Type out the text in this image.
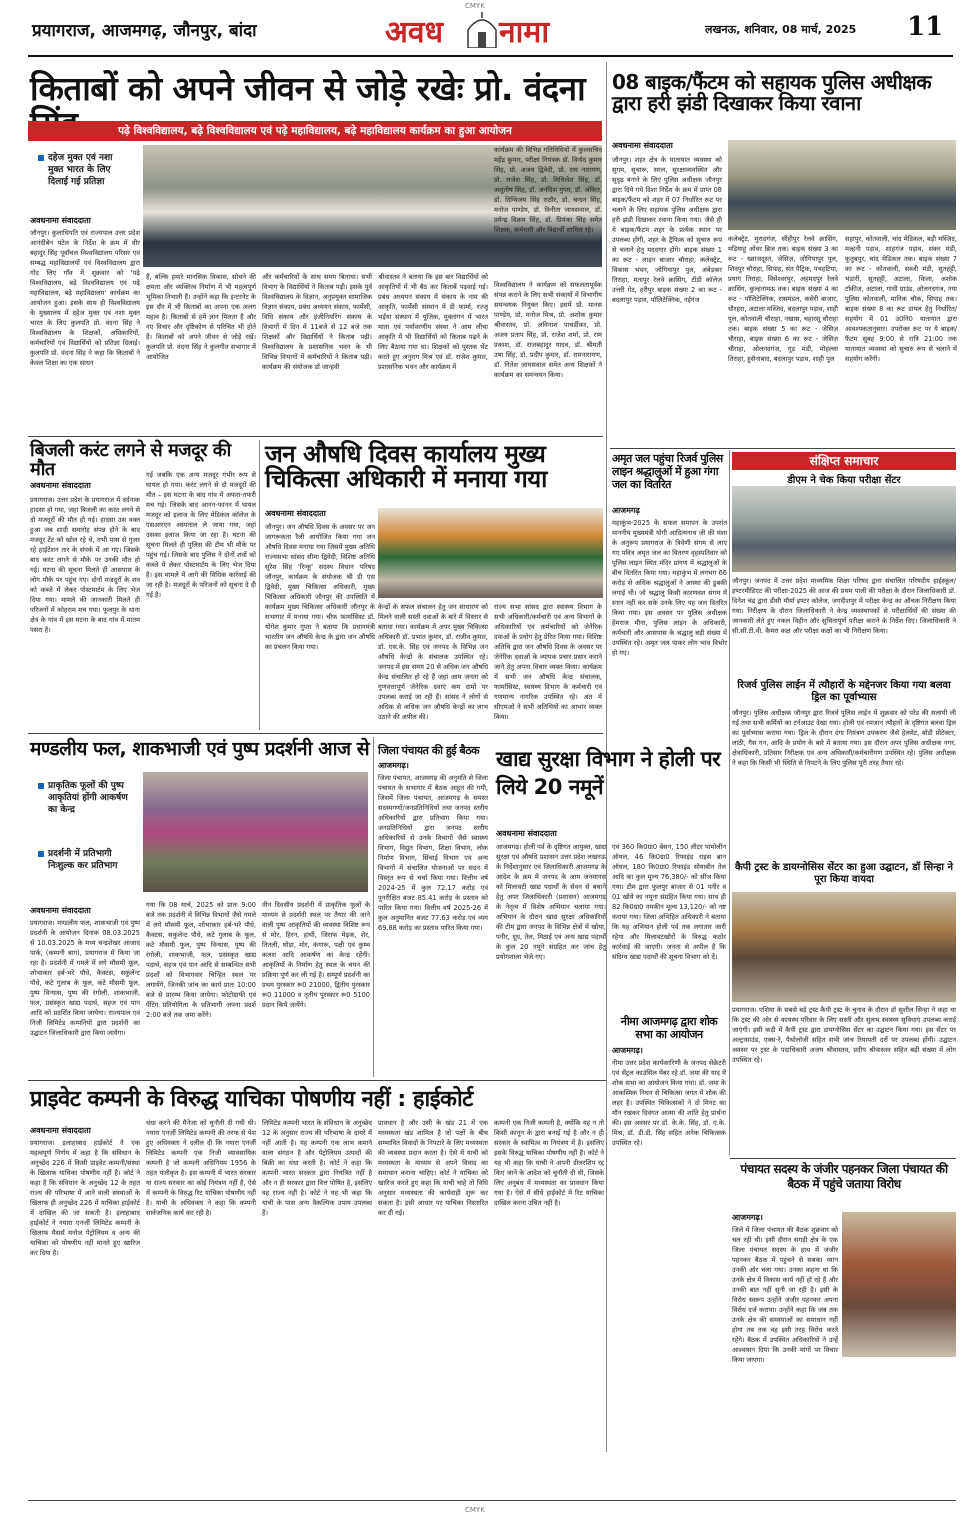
CMYK
प्रयागराज, आजमगढ़, जौनपुर, बांदा	अवध नामा	लखनऊ, शनिवार, 08 मार्च, 2025 11
किताबों को अपने जीवन से जोड़े रखेः प्रो. वंदना
पढ़े विश्वविद्यालय, बढ़े विश्वविद्यालय एवं पढ़े महाविद्यालय, बढ़े महाविद्यालय कार्यक्रम का हुआ आयोजन
दहेज मुक्त एवं नशा मुक्त भारत के लिए दिलाई गई प्रतिज्ञा
अवधनामा संवाददाता
जौनपुर। कुलाधिपति एवं राज्यपाल उत्तर प्रदेश आनंदीबेन पटेल के निर्देश के क्रम में वीर बहादुर सिंह पूर्वांचल विश्वविद्यालय परिसर एवं सम्बद्ध महाविद्यालयों एवं विश्वविद्यालय द्वारा गोद लिए गाँव में शुक्रवार को 'पढ़े विश्वविद्यालय, बढ़े विश्वविद्यालय एवं पढ़े महाविद्यालय, बढ़े महाविद्यालय' कार्यक्रम का आयोजन हुआ। इसके साथ ही विश्वविद्यालय के मुख्यालय में दहेज मुक्त एवं नशा मुक्त भारत के लिए कुलपति प्रो. वंदना सिंह ने विश्वविद्यालय के शिक्षकों, अधिकारियों, कर्मचारियों एवं विद्यार्थियों को प्रतिज्ञा दिलाई। कुलपति प्रो. वंदना सिंह ने कहा कि किताबों ने केवल शिक्षा का एक साधन
हैं, बल्कि हमारे मानसिक विकास, सोचने की क्षमता और व्यक्तित्व निर्माण में भी महत्वपूर्ण भूमिका निभाती हैं। उन्होंने कहा कि इन्टरनेट के इस दौर में भी किताबों का अपना एक अलग महत्व है। किताबों से हमें ज्ञान मिलता है और नए विचार और दृष्टिकोण से परिचित भी होते हैं। किताबों को अपने जीवन से जोड़े रखें। कुलपति प्रो. वंदना सिंह ने कुलगीत सभागार में आयोजित
और कर्मचारियों के साथ समय बिताया। सभी विभाग के विद्यार्थियों ने किताब पढ़ी। इसके पूर्व विश्वविद्यालय के विज्ञान, अनुप्रयुक्त सामाजिक विज्ञान संकाय, प्रबंध अध्ययन संकाय, फार्मेसी, विधि संकाय और इंजीनियरिंग संकाय के विभागों में दिन में 11बजे से 12 बजे तक शिक्षकों और विद्यार्थियों ने किताब पढ़ी। विश्वविद्यालय के प्रशासनिक भवन के भी विभिन्न विभागों में कर्मचारियों ने किताब पढ़ी। कार्यक्रम की संयोजक डॉ जान्हवी
श्रीवास्तव ने बताया कि इस बार विद्यार्थियों को आकृतियों में भी बैठ कर किताबें पढ़वाई गई। प्रबंध अध्ययन संकाय में संकाय के नाम की आकृति, फार्मेसी संस्थान में डी फार्मा, रज्जू भईया संस्थान में यूजिक, मुक्तांगन में भारत माता एवं पर्यावरणीय संस्था ने आम लीचा आकृति में भी विद्यार्थियों को किताब पढ़ने के लिए बैठाया गया था। शिक्षकों को पुस्तक भेंट करते हुए अनुराग मिश्र एवं डॉ. राजेश कुमार, प्रशासनिक भवन और कार्यक्रम में
कार्यक्रम की विभिन्न गतिविधियों में कुलसचिव महेंद्र कुमार, परीक्षा नियंत्रक डॉ. विनोद कुमार सिंह, प्रो. अजय द्विवेदी, प्रो. राम नारायण, प्रो. राजेश सिंह, प्रो. मिथिलेश सिंह, डॉ. अशुतोष सिंह, डॉ. अनंदिश गुप्ता, डॉ. अंकित, डॉ. दिग्विजय सिंह राठौर, डॉ. चन्दन सिंह, मनोज पाण्डेय, डॉ. विनीता जायसवाल, डॉ. प्रमेन्द्र विक्रम सिंह, डॉ. प्रियंका सिंह समेत शिक्षक, कर्मचारी और विद्यार्थी शामिल रहे।
विश्वविद्यालय ने कार्यक्रम को सफलतापूर्वक संपन्न कराने के लिए सभी संकायों में विभागीय समन्वयक नियुक्त किए। इसमें प्रो. मानस पाण्डेय, प्रो. मनोज मिश्र, प्रो. अशोक कुमार श्रीवास्तव, प्रो. अविनाश पाथर्डीकर, प्रो. अजय प्रताप सिंह, प्रो. राजेश शर्मा, प्रो. राम प्रकाश, डॉ. राजबहादुर यादव, डॉ. श्रीमती उषा सिंह, डॉ. प्रदीप कुमार, डॉ. रामनारायण, डॉ. नितेश जायसवाल समेत अन्य शिक्षकों ने कार्यक्रम का समन्वयन किया।
08 बाइक/फैंटम को सहायक पुलिस अधीक्षक द्वारा हरी झंडी दिखाकर किया रवाना
अवधनामा संवाददाता
जौनपुर। शहर क्षेत्र के यातायात व्यवस्था को सुगम, सुचारू, सरल, सुरक्षाव्यवस्थित और सुदृढ़ बनाने के लिए पुलिस अधीक्षक जौनपुर द्वारा दिये गये दिशा निर्देश के क्रम में प्राप्त 08 बाइक/फैंटम को शहर में 07 निर्धारित रूट पर चलाने के लिए सहायक पुलिस अधीक्षक द्वारा हरी झंडी दिखाकर रवाना किया गया। जैसे ही ये बाइक/फैंटम शहर के प्रत्येक स्थान पर उपलब्ध होंगी, शहर के ट्रैफिक को सुचारु रूप से चलाने हेतु मददगार होंगे। बाइक संख्या 1 का रूट - लाइन बाजार चौराहा, कलेक्ट्रेट, विकास भवन, जोगियापुर पुल, अंबेडकर तिराहा, मतापुर रेलवे क्रासिंग, टीडी कॉलेज उत्तरी गेट, हरीपुर बाइक संख्या 2 का रूट - बदलापुर पड़ाव, पॉलिटेक्निक, नईगंज
कलेक्ट्रेट, मुरादगंज, सीहीपुर रेलवे क्रासिंग, मड़ियाहू ओवर ब्रिज तक। बाइक संख्या 3 का रूट - ख्वाजदूस्त, जेसिज़, जोगियापुर पुल, शिवपुर चौराहा, सिपाह, संत पैट्रिक, पचहटिया, प्रयाग तिराहा, विसेश्वरपुर, अहमदपुर रेलवे क्रासिंग, कुल्हनामऊ तक। बाइक संख्या 4 का रूट - पॉलिटेक्निक, रासमंडल, कसेरी बाजार, धौरहरा, अटाला मस्जिद, बदलापुर पड़ाव, शाही पुल, कोतवाली चौराहा, नखास, चहारसू चौराहा तक। बाइक संख्या 5 का रूट - जेसिज़ चौराहा, बाइक संख्या 6 का रूट - जेसिज़ चौराहा, ओलनदगंज, गुड़ मंडी, मोहल्ला तिराहा, हुसैनाबाद, बदलापुर पड़ाव, शाही पुल
सहापुर, कोतवाली, चांद मेडिकल, बड़ी मस्जिद, मल्हनी पड़ाव, शाहगंज पड़ाव, शंकर मंडी, कुतुबपुर, चांद मेडिकल तक। बाइक संख्या 7 का रूट - कोतवाली, सब्जी मंडी, सुतहट्टी, भंडारी, सुतहट्टी, अटाला, किला, अशोक टॉकीज, अटाला, गांधी ग्राउंड, ओलनदगंज, नया पुलिस कोतवाली, मानिक चौक, सिपाह तक। बाइक संख्या 8 का रूट डायल हेतु निर्धारित/सहयोग में 01 उ0नि0 यातायात द्वारा आवश्यकतानुसार। उपरोक्त रूट पर ये बाइक/फैंटम सुबह 9:00 से रात्रि 21:00 तक यातायात व्यवस्था को सुचारु रूप से चलाने में सहयोग करेंगी।
बिजली करंट लगने से मजदूर की मौत
अवधनामा संवाददाता
प्रयागराज। उत्तर प्रदेश के प्रयागराज में दर्दनाक हादसा हो गया, जहां बिजली का करंट लगने से दो मजदूरों की मौत हो गई। हादसा उस वक्त हुआ जब शादी समारोह संपन्न होने के बाद मजदूर टेंट को खोल रहे थे, तभी पास से गुजर रहे हाईटेंशन तार के संपर्क में आ गए। जिसके बाद करंट लगने से मौके पर उनकी मौत हो गई। घटना की सूचना मिलते ही आसपास के लोग मौके पर पहुंच गए। दोनों मजदूरों के शव को कब्जे में लेकर पोस्टमार्टम के लिए भेज दिया गया। मामले की जानकारी मिलते ही परिजनों में कोहराम मच गया। फूलपुर के थाना क्षेत्र के गांव में इस घटना के बाद गांव में मातम पसरा है।
गई जबकि एक अन्य मजदूर गंभीर रूप से घायल हो गया। करंट लगने से दो मजदूरों की मौत – इस घटना के बाद गांव में अफरा-तफरी मच गई। जिसके बाद आनन-फानन में घायल मजदूर को इलाज के लिए मेडिकल कॉलेज के एसआरएन अस्पताल ले जाया गया, जहां उसका इलाज किया जा रहा है। घटना की सूचना मिलते ही पुलिस की टीम भी मौके पर पहुंच गई। जिसके बाद पुलिस ने दोनों शवों को कब्जे में लेकर पोस्टमार्टम के लिए भेज दिया है। इस मामले में आगे की विधिक कार्रवाई की जा रही है। मजदूरों के परिजनों को सूचना दे दी गई है।
जन औषधि दिवस कार्यालय मुख्य चिकित्सा अधिकारी में मनाया गया
अवधनामा संवाददाता
जौनपुर। जन औषधि दिवस के अवसर पर जन जागरूकता रैली आयोजित किया गया जन औषधि दिवस मनाया गया जिसमें मुख्य अतिथि राज्यसभा सांसद सीमा द्विवेदी, विशिष्ट अतिथि सुरेश सिंह 'रिन्कू' सदस्य विधान परिषद जौनपुर, कार्यक्रम के संयोजक श्री डी एस द्विवेदी, मुख्य चिकित्सा अधिकारी, मुख्य चिकित्सा अधिकारी जौनपुर की उपस्थिति में कार्यक्रम मुख्य चिकित्सा अधिकारी जौनपुर के सभागार में मनाया गया। चीफ फार्मासिस्ट डॉ. योगेश कुमार गुप्ता ने बताया कि प्रधानमंत्री भारतीय जन औषधि केन्द्र के द्वारा जन औषधि का प्रचलन किया गया।
केन्द्रों के सफल संचालन हेतु जन साधारण को मिलने वाली सस्ती दवाओं के बारे में विस्तार से बताया गया। कार्यक्रम में अपर मुख्य चिकित्सा अधिकारी डॉ. प्रभात कुमार, डॉ. राजीव कुमार, डॉ. एस.के. सिंह एवं जनपद के विभिन्न जन औषधि केन्द्रों के संचालक उपस्थित रहे। जनपद में इस समय 20 से अधिक जन औषधि केन्द्र संचालित हो रहे हैं जहां आम जनता को गुणवत्तापूर्ण जेनेरिक दवाएं कम दामों पर उपलब्ध कराई जा रही हैं। सांसद ने लोगों से अधिक से अधिक जन औषधि केन्द्रों का लाभ उठाने की अपील की।
राज्य सभा सांसद द्वारा स्वास्थ्य विभाग के सभी अधिकारी/कर्मचारी एवं अन्य विभागों के अधिकारियों एवं कर्मचारियों को जेनेरिक दवाओं के प्रयोग हेतु प्रेरित किया गया। विशिष्ट अतिथि द्वारा जन औषधि दिवस के अवसर पर जेनेरिक दवाओं के व्यापक प्रचार प्रसार कराने जाने हेतु अपना विचार व्यक्त किया। कार्यक्रम में सभी जन औषधि केन्द्र संचालक, फार्मासिस्ट, स्वास्थ्य विभाग के कर्मचारी एवं गणमान्य नागरिक उपस्थित रहे। अंत में सीएमओ ने सभी अतिथियों का आभार व्यक्त किया।
अमृत जल पहुंचा रिजर्व पुलिस लाइन श्रद्धालुओं में हुआ गंगा जल का वितरित
आजमगढ़
महाकुंभ-2025 के सफल समापन के उपरांत माननीय मुख्यमंत्री योगी आदित्यनाथ जी की मंशा के अनुरूप प्रयागराज के त्रिवेणी संगम से लाए गए पवित्र अमृत जल का वितरण वृहस्पतिवार को पुलिस लाइन स्थित मंदिर प्रांगण में श्रद्धालुओं के बीच वितरित किया गया। महाकुंभ में लगभग 66 करोड़ से अधिक श्रद्धालुओं ने आस्था की डुबकी लगाई थी। जो श्रद्धालु किसी कारणवश संगम में स्नान नहीं कर सके उनके लिए यह जल वितरित किया गया। इस अवसर पर पुलिस अधीक्षक हेमराज मीना, पुलिस लाइन के अधिकारी, कर्मचारी और आसपास के श्रद्धालु बड़ी संख्या में उपस्थित रहे। अमृत जल पाकर लोग भाव विभोर हो गए।
संक्षिप्त समाचार
डीएम ने चेक किया परीक्षा सेंटर
जौनपुर। जनपद में उत्तर प्रदेश माध्यमिक शिक्षा परिषद द्वारा संचालित परिषदीय हाईस्कूल/इण्टरमीडिएट की परीक्षा-2025 की आज की प्रथम पाली की परीक्षा के दौरान जिलाधिकारी डॉ. दिनेश चंद्र द्वारा डीसी मौर्या इण्टर कॉलेज, जगदीशपुर में परीक्षा केन्द्र का औचक निरीक्षण किया गया। निरीक्षण के दौरान जिलाधिकारी ने केन्द्र व्यवस्थापकों से परीक्षार्थियों की संख्या की जानकारी लेते हुए नकल विहीन और सुचितापूर्ण परीक्षा कराने के निर्देश दिए। जिलाधिकारी ने सी.सी.टी.वी. कैमरा कक्ष और परीक्षा कक्षों का भी निरीक्षण किया।
रिजर्व पुलिस लाईन में त्यौहारों के मद्देनजर किया गया बलवा ड्रिल का पूर्वाभ्यास
जौनपुर। पुलिस अधीक्षक जौनपुर द्वारा रिजर्व पुलिस लाईन में शुक्रवार को परेड की सलामी ली गई तथा सभी कर्मियों का टर्नआउट देखा गया। होली एवं रमजान त्यौहारों के दृष्टिगत बलवा ड्रिल का पूर्वाभ्यास कराया गया। ड्रिल के दौरान दंगा नियंत्रण उपकरण जैसे हेलमेट, बॉडी प्रोटेक्टर, लाठी, गैस गन, आदि के प्रयोग के बारे में बताया गया। इस दौरान अपर पुलिस अधीक्षक नगर, क्षेत्राधिकारी, प्रतिसार निरीक्षक एवं अन्य अधिकारी/कर्मचारीगण उपस्थित रहे। पुलिस अधीक्षक ने कहा कि किसी भी स्थिति से निपटने के लिए पुलिस पूरी तरह तैयार रहे।
कैपी ट्रस्ट के डायग्नोसिस सेंटर का हुआ उद्घाटन, डॉ सिन्हा ने पूरा किया वायदा
प्रयागराज। एशिया के सबसे बड़े ट्रस्ट कैपी ट्रस्ट के चुनाव के दौरान डॉ सुशील सिन्हा ने कहा था कि ट्रस्ट की ओर से कायस्थ परिवार के लिए सस्ती और सुलभ स्वास्थ्य सुविधाएं उपलब्ध कराई जाएंगी। इसी कड़ी में कैपी ट्रस्ट द्वारा डायग्नोसिस सेंटर का उद्घाटन किया गया। इस सेंटर पर अल्ट्रासाउंड, एक्स-रे, पैथोलॉजी सहित सभी जांच रियायती दरों पर उपलब्ध होंगी। उद्घाटन अवसर पर ट्रस्ट के पदाधिकारी अजय श्रीवास्तव, प्रदीप श्रीवास्तव सहित बड़ी संख्या में लोग उपस्थित रहे।
मण्डलीय फल, शाकभाजी एवं पुष्प प्रदर्शनी आज से
प्राकृतिक फूलों की पुष्प आकृतियां होंगी आकर्षण का केन्द्र
प्रदर्शनी में प्रतिभागी निःशुल्क कर प्रतिभाग
अवधनामा संवाददाता
प्रयागराज। मण्डलीय फल, शाकभाजी एवं पुष्प प्रदर्शनी के आयोजन दिनांक 08.03.2025 से 10.03.2025 के मध्य चन्द्रशेखर आजाद पार्क, (कम्पनी बाग), प्रयागराज में किया जा रहा है। प्रदर्शनी में गमले में लगे मौसमी फूल, शोभाकार हर्ब-भरे पौधे, कैक्टस, सकुलेन्ट पौधे, कटे गुलाब के फूल, कटे मौसमी फूल, पुष्प विन्यास, पुष्प की रंगोली, शाकभाजी, फल, प्रसंस्कृत खाद्य पदार्थ, सहज एवं पान आदि को प्रदर्शित किया जायेगा। राज्यपाल एवं निजी लिमिटेड कम्पनियों द्वारा प्रदर्शनी का उद्घाटन जिलाधिकारी द्वारा किया जायेगा।
गया कि 08 मार्च, 2025 को प्रातः 9:00 बजे तक प्रदर्शनी में विभिन्न विभागों जैसे गमले में लगे मौसमी फूल, शोभाकार हर्ब-भरे पौधे, कैक्टस, सकुलेन्ट पौधे, कटे गुलाब के फूल, कटे मौसमी फूल, पुष्प विन्यास, पुष्प की रंगोली, शाकभाजी, फल, प्रसंस्कृत खाद्य पदार्थ, सहज एवं पान आदि से सम्बन्धित सभी प्रदर्शों को विभागवार चिन्हित स्थल पर लगायेंगे, जिनकी जांच का कार्य प्रातः 10:00 बजे से प्रारम्भ किया जायेगा। फोटोग्राफी एवं पेंटिंग प्रतियोगिता के प्रतिभागी अपना प्रदर्श 2:00 बजे तक जमा करेंगे।
तीन दिवसीय प्रदर्शनी में प्राकृतिक फूलों के माध्यम से प्रदर्शनी स्थल पर तैयार की जाने वाली पुष्प आकृतियों की व्यवस्था विशिष्ट रूप से मोर, हिरन, हाथी, जिराफ मेढ़क, शेर, तितली, घोड़ा, मोर, कंगारू, पक्षी एवं कुम्भ कलश आदि आकर्षण का केन्द्र रहेंगी। आकृतियों के निर्माण हेतु स्थल के चयन की प्रक्रिया पूर्ण कर ली गई है। सम्पूर्ण प्रदर्शनी का प्रथम पुरस्कार रू0 21000, द्वितीय पुरस्कार रू0 11000 व तृतीय पुरस्कार रू0 5100 प्रदान किये जायेंगे।
जिला पंचायत की हुई बैठक
आजमगढ़।
जिला पंचायत, आजमगढ़ की अनुमति से जिला पंचायत के सभागार में बैठक आहूत की गयी, जिसमें जिला पंचायत, आजमगढ़ के समस्त सदस्यगणों/जनप्रतिनिधियों तथा जनपद स्तरीय अधिकारियों द्वारा प्रतिभाग किया गया। जनप्रतिनिधियों द्वारा जनपद स्तरीय अधिकारियों से उनके विभागों जैसे स्वास्थ्य विभाग, विद्युत विभाग, शिक्षा विभाग, लोक निर्माण विभाग, सिंचाई विभाग एवं अन्य विभागों में संचालित योजनाओं पर सदन में विस्तृत रूप से चर्चा किया गया। वित्तीय वर्ष 2024-25 में कुल 72.17 करोड़ एवं पुनरीक्षित बजट 85.41 करोड़ के प्रस्ताव को पारित किया गया। वित्तीय वर्ष 2025-26 में कुल अनुमानित बजट 77.63 करोड़ एवं व्यय 69.88 करोड़ का प्रस्ताव पारित किया गया।
खाद्य सुरक्षा विभाग ने होली पर लिये 20 नमूनें
अवधनामा संवाददाता
आजमगढ़। होली पर्व के दृष्टिगत आयुक्त, खाद्य सुरक्षा एवं औषधि प्रशासन उत्तर प्रदेश लखनऊ के निर्देशानुसार एवं जिलाधिकारी आजमगढ़ के आदेश के क्रम में जनपद के आम जनमानस को मिलावटी खाद्य पदार्थों के सेवन से बचाने हेतु अपर जिलाधिकारी (प्रशासन) आजमगढ़ के नेतृत्व में विशेष अभियान चलाया गया। अभियान के दौरान खाद्य सुरक्षा अधिकारियों की टीम द्वारा जनपद के विभिन्न क्षेत्रों में खोया, पनीर, दूध, तेल, मिठाई एवं अन्य खाद्य पदार्थों के कुल 20 नमूने संग्रहित कर जांच हेतु प्रयोगशाला भेजे गए।
एवं 360 कि0ग्रा0 बेसन, 150 लीटर पामोलीन ऑयल, 46 कि0ग्रा0 रिफाइंड राइस ब्रान ऑयल, 180 कि0ग्रा0 रिफाइंड सोयाबीन तेल आदि का कुल मूल्य 76,380/- को सीज किया गया। टीम द्वारा फूलपुर बाजार से 01 पनीर व 01 खोये का नमूना संग्रहित किया गया। साथ ही 82 कि0ग्रा0 नमकीन मूल्य 13,120/- को नष्ट कराया गया। जिला अभिहित अधिकारी ने बताया कि यह अभियान होली पर्व तक लगातार जारी रहेगा और मिलावटखोरों के विरुद्ध कठोर कार्रवाई की जाएगी। जनता से अपील है कि संदिग्ध खाद्य पदार्थों की सूचना विभाग को दें।
नीमा आजमगढ़ द्वारा शोक सभा का आयोजन
आजमगढ़।
नीमा उत्तर प्रदेश कार्यकारिणी के जनपद सेक्रेटरी एवं सेंट्रल काउंसिल मेंबर रहे डॉ. जमा की याद में शोक सभा का आयोजन किया गया। डॉ. जमा के आकस्मिक निधन से चिकित्सा जगत में शोक की लहर है। उपस्थित चिकित्सकों ने दो मिनट का मौन रखकर दिवंगत आत्मा की शांति हेतु प्रार्थना की। इस अवसर पर डॉ. के.के. सिंह, डॉ. ए.के. मिश्र, डॉ. डी.डी. सिंह सहित अनेक चिकित्सक उपस्थित रहे।
प्राइवेट कम्पनी के विरुद्ध याचिका पोषणीय नहीं : हाईकोर्ट
अवधनामा संवाददाता
प्रयागराज। इलाहाबाद हाईकोर्ट ने एक महत्वपूर्ण निर्णय में कहा है कि संविधान के अनुच्छेद 226 में किसी प्राइवेट कम्पनी/संस्था के खिलाफ याचिका पोषणीय नहीं है। कोर्ट ने कहा है कि संविधान के अनुच्छेद 12 के तहत राज्य की परिभाषा में आने वाली संस्थाओं के खिलाफ ही अनुच्छेद 226 में याचिका हाईकोर्ट में दाखिल की जा सकती है। इलाहाबाद हाईकोर्ट ने नयारा एनर्जी लिमिटेड कम्पनी के खिलाफ मैसर्स मनोज पेट्रोलियम व अन्य की याचिका को पोषणीय नहीं मानते हुए खारिज कर दिया है।
धंधा करने की मैनेजा को चुनौती दी गयी थी। नयारा एनर्जी लिमिटेड कम्पनी की तरफ से पेश हुए अधिवक्ता ने दलील दी कि नयारा एनर्जी लिमिटेड कम्पनी एक निजी व्यावसायिक कम्पनी है जो कम्पनी अधिनियम 1956 के तहत पंजीकृत है। इस कम्पनी में भारत सरकार या राज्य सरकार का कोई नियंत्रण नहीं है, ऐसे में कम्पनी के विरुद्ध रिट याचिका पोषणीय नहीं है। याची के अधिवक्ता ने कहा कि कम्पनी सार्वजनिक कार्य कर रही है।
लिमिटेड कम्पनी भारत के संविधान के अनुच्छेद 12 के अनुसार राज्य की परिभाषा के दायरे में नहीं आती है। यह कम्पनी एक लाभ कमाने वाला संगठन है और पेट्रोलियम उत्पादों की बिक्री का धंधा करती है। कोर्ट ने कहा कि कम्पनी भारत सरकार द्वारा नियंत्रित नहीं है और न ही सरकार द्वारा वित्त पोषित है, इसलिए वह राज्य नहीं है। कोर्ट ने यह भी कहा कि याची के पास अन्य वैकल्पिक उपाय उपलब्ध हैं।
प्रावधान है और उसी के खंड 21 में एक मध्यस्थता खंड शामिल है जो पक्षों के बीच सम्भावित विवादों के निपटारे के लिए मध्यस्थता की व्यवस्था प्रदान करता है। ऐसे में याची को मध्यस्थता के माध्यम से अपने विवाद का समाधान कराना चाहिए। कोर्ट ने याचिका को खारिज करते हुए कहा कि याची चाहे तो विधि अनुसार मध्यस्थता की कार्यवाही शुरू कर सकता है। इसी आधार पर याचिका निस्तारित कर दी गई।
कम्पनी एक निजी कम्पनी है, क्योंकि यह न तो किसी कानून के द्वारा बनाई गई है और न ही सरकार के स्वामित्व या नियंत्रण में है। इसलिए इसके विरुद्ध याचिका पोषणीय नहीं है। कोर्ट ने यह भी कहा कि याची ने अपनी डीलरशिप रद्द किए जाने के आदेश को चुनौती दी थी, जिसके लिए अनुबंध में मध्यस्थता का प्रावधान किया गया है। ऐसे में सीधे हाईकोर्ट में रिट याचिका दाखिल करना उचित नहीं है।
पंचायत सदस्य के जंजीर पहनकर जिला पंचायत की बैठक में पहुंचे जताया विरोध
आजमगढ़।
जिले में जिला पंचायत की बैठक शुक्रवार को चल रही थी। इसी दौरान सगड़ी क्षेत्र के एक जिला पंचायत सदस्य के हाथ में जंजीर पहनकर बैठक में पहुंचने से सबका ध्यान उनकी ओर चला गया। उनका कहना था कि उनके क्षेत्र में विकास कार्य नहीं हो रहे हैं और उनकी बात नहीं सुनी जा रही है। इसी के विरोध स्वरूप उन्होंने जंजीर पहनकर अपना विरोध दर्ज कराया। उन्होंने कहा कि जब तक उनके क्षेत्र की समस्याओं का समाधान नहीं होगा तब तक वह इसी तरह विरोध करते रहेंगे। बैठक में उपस्थित अधिकारियों ने उन्हें आश्वासन दिया कि उनकी मांगों पर विचार किया जाएगा।
CMYK
